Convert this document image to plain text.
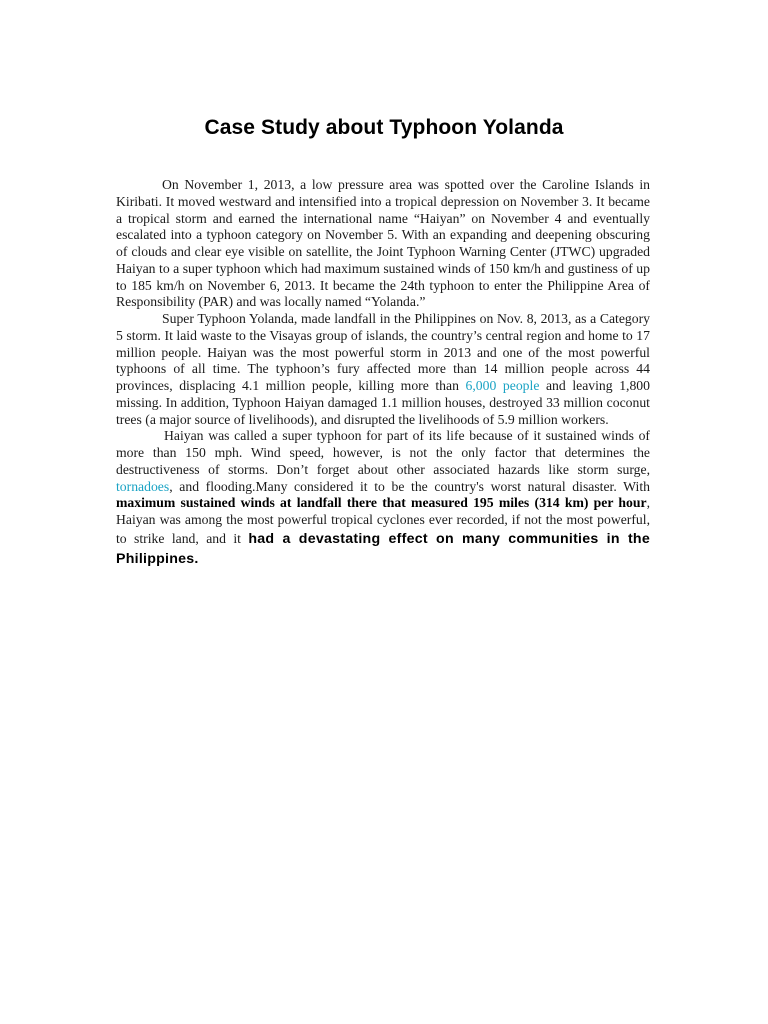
Case Study about Typhoon Yolanda

On November 1, 2013, a low pressure area was spotted over the Caroline Islands in Kiribati. It moved westward and intensified into a tropical depression on November 3. It became a tropical storm and earned the international name “Haiyan” on November 4 and eventually escalated into a typhoon category on November 5. With an expanding and deepening obscuring of clouds and clear eye visible on satellite, the Joint Typhoon Warning Center (JTWC) upgraded Haiyan to a super typhoon which had maximum sustained winds of 150 km/h and gustiness of up to 185 km/h on November 6, 2013. It became the 24th typhoon to enter the Philippine Area of Responsibility (PAR) and was locally named “Yolanda.”

Super Typhoon Yolanda, made landfall in the Philippines on Nov. 8, 2013, as a Category 5 storm. It laid waste to the Visayas group of islands, the country’s central region and home to 17 million people. Haiyan was the most powerful storm in 2013 and one of the most powerful typhoons of all time. The typhoon’s fury affected more than 14 million people across 44 provinces, displacing 4.1 million people, killing more than 6,000 people and leaving 1,800 missing. In addition, Typhoon Haiyan damaged 1.1 million houses, destroyed 33 million coconut trees (a major source of livelihoods), and disrupted the livelihoods of 5.9 million workers.

Haiyan was called a super typhoon for part of its life because of it sustained winds of more than 150 mph. Wind speed, however, is not the only factor that determines the destructiveness of storms. Don’t forget about other associated hazards like storm surge, tornadoes, and flooding.Many considered it to be the country's worst natural disaster. With maximum sustained winds at landfall there that measured 195 miles (314 km) per hour, Haiyan was among the most powerful tropical cyclones ever recorded, if not the most powerful, to strike land, and it had a devastating effect on many communities in the Philippines.
